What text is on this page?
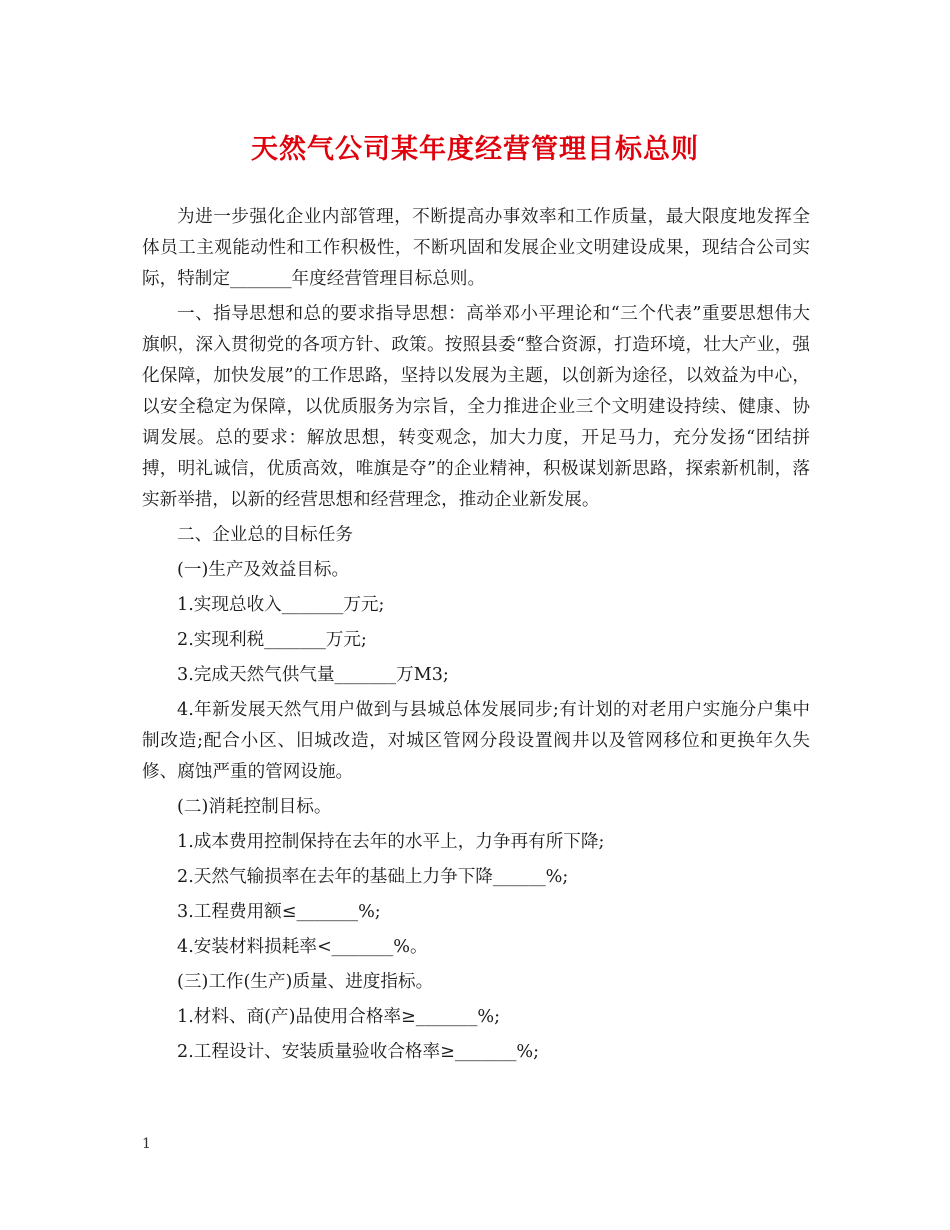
天然气公司某年度经营管理目标总则

为进一步强化企业内部管理，不断提高办事效率和工作质量，最大限度地发挥全体员工主观能动性和工作积极性，不断巩固和发展企业文明建设成果，现结合公司实际，特制定_______年度经营管理目标总则。

一、指导思想和总的要求指导思想：高举邓小平理论和“三个代表”重要思想伟大旗帜，深入贯彻党的各项方针、政策。按照县委“整合资源，打造环境，壮大产业，强化保障，加快发展”的工作思路，坚持以发展为主题，以创新为途径，以效益为中心，以安全稳定为保障，以优质服务为宗旨，全力推进企业三个文明建设持续、健康、协调发展。总的要求：解放思想，转变观念，加大力度，开足马力，充分发扬“团结拼搏，明礼诚信，优质高效，唯旗是夺”的企业精神，积极谋划新思路，探索新机制，落实新举措，以新的经营思想和经营理念，推动企业新发展。

二、企业总的目标任务

(一)生产及效益目标。

1.实现总收入_______万元;

2.实现利税_______万元;

3.完成天然气供气量_______万M3;

4.年新发展天然气用户做到与县城总体发展同步;有计划的对老用户实施分户集中制改造;配合小区、旧城改造，对城区管网分段设置阀井以及管网移位和更换年久失修、腐蚀严重的管网设施。

(二)消耗控制目标。

1.成本费用控制保持在去年的水平上，力争再有所下降;

2.天然气输损率在去年的基础上力争下降______%;

3.工程费用额≤_______%;

4.安装材料损耗率<_______%。

(三)工作(生产)质量、进度指标。

1.材料、商(产)品使用合格率≥_______%;

2.工程设计、安装质量验收合格率≥_______%;

1
